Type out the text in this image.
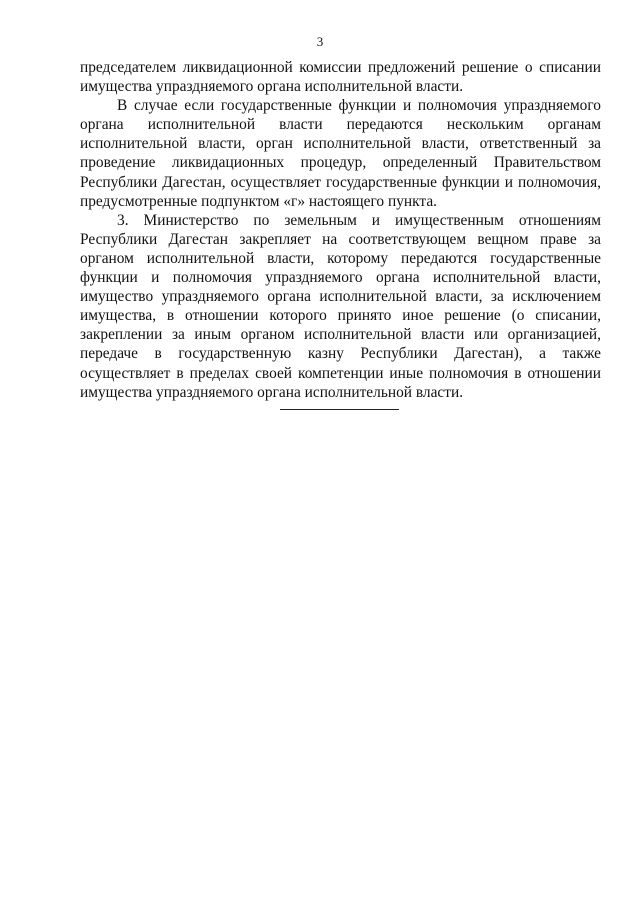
3

председателем ликвидационной комиссии предложений решение о списании имущества упраздняемого органа исполнительной власти.

В случае если государственные функции и полномочия упраздняемого органа исполнительной власти передаются нескольким органам исполнительной власти, орган исполнительной власти, ответственный за проведение ликвидационных процедур, определенный Правительством Республики Дагестан, осуществляет государственные функции и полномочия, предусмотренные подпунктом «г» настоящего пункта.

3. Министерство по земельным и имущественным отношениям Республики Дагестан закрепляет на соответствующем вещном праве за органом исполнительной власти, которому передаются государственные функции и полномочия упраздняемого органа исполнительной власти, имущество упраздняемого органа исполнительной власти, за исключением имущества, в отношении которого принято иное решение (о списании, закреплении за иным органом исполнительной власти или организацией, передаче в государственную казну Республики Дагестан), а также осуществляет в пределах своей компетенции иные полномочия в отношении имущества упраздняемого органа исполнительной власти.
